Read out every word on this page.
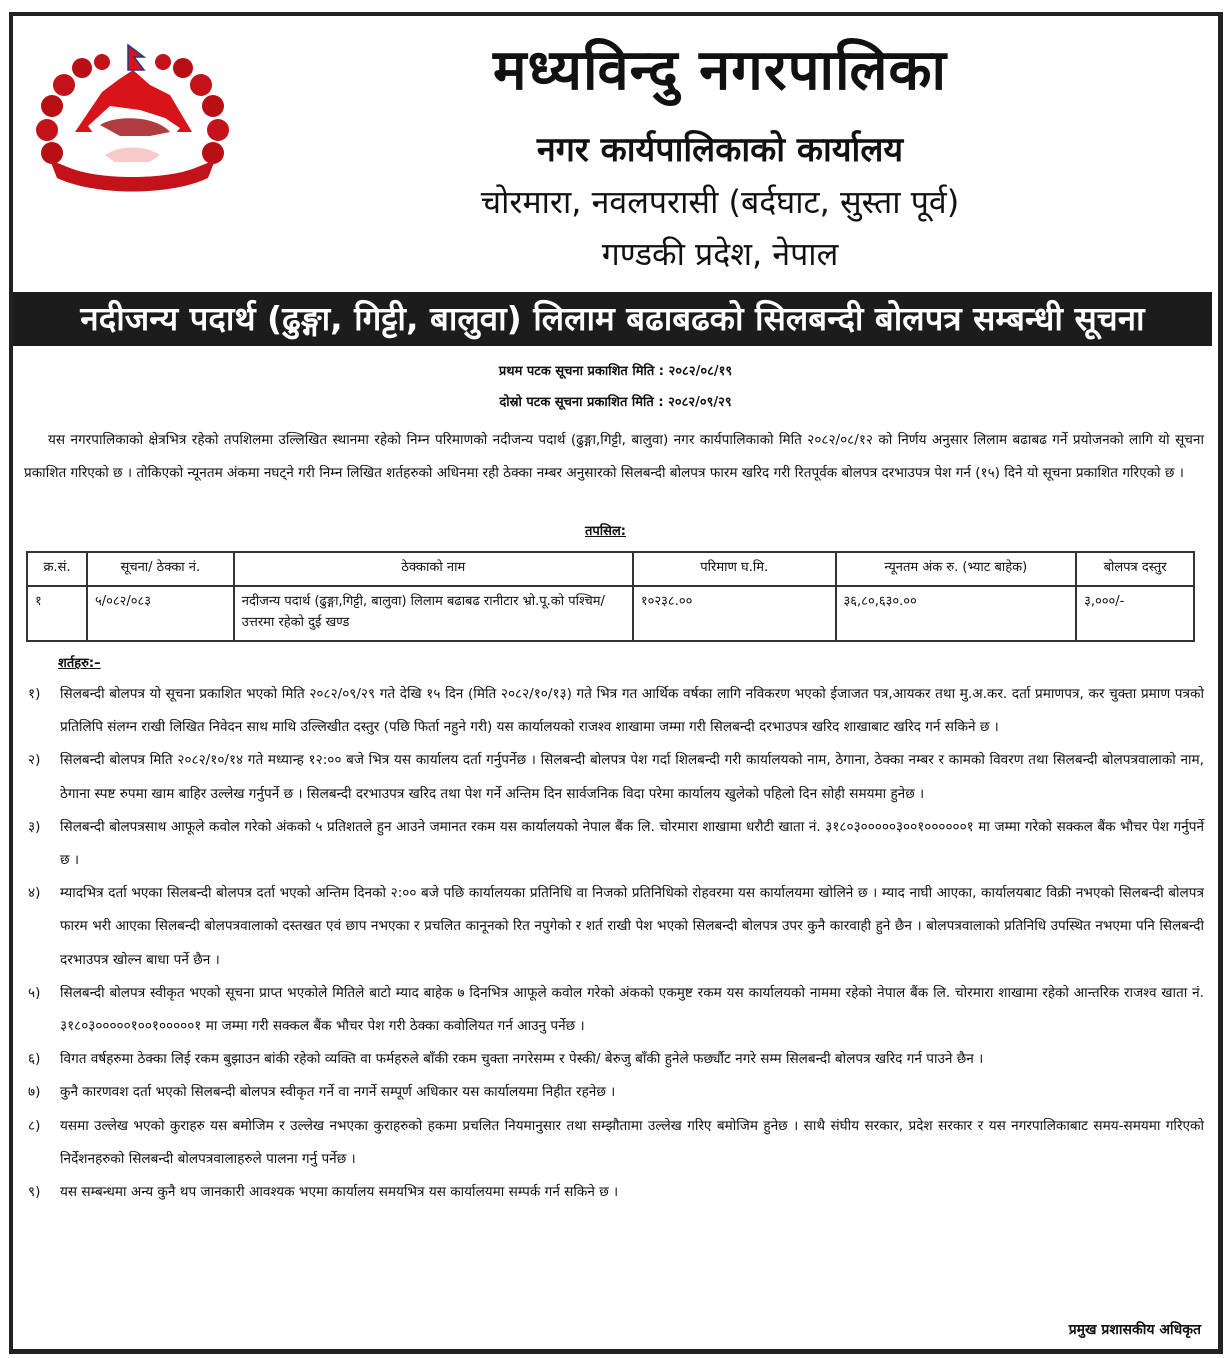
मध्यविन्दु नगरपालिका
नगर कार्यपालिकाको कार्यालय
चोरमारा, नवलपरासी (बर्दघाट, सुस्ता पूर्व)
गण्डकी प्रदेश, नेपाल
नदीजन्य पदार्थ (ढुङ्गा, गिट्टी, बालुवा) लिलाम बढाबढको सिलबन्दी बोलपत्र सम्बन्धी सूचना
प्रथम पटक सूचना प्रकाशित मिति : २०८२/०८/१९
दोस्रो पटक सूचना प्रकाशित मिति : २०८२/०९/२९

यस नगरपालिकाको क्षेत्रभित्र रहेको तपशिलमा उल्लिखित स्थानमा रहेको निम्न परिमाणको नदीजन्य पदार्थ (ढुङ्गा,गिट्टी, बालुवा) नगर कार्यपालिकाको मिति २०८२/०८/१२ को निर्णय अनुसार लिलाम बढाबढ गर्ने प्रयोजनको लागि यो सूचना प्रकाशित गरिएको छ । तोकिएको न्यूनतम अंकमा नघट्ने गरी निम्न लिखित शर्तहरुको अधिनमा रही ठेक्का नम्बर अनुसारको सिलबन्दी बोलपत्र फारम खरिद गरी रितपूर्वक बोलपत्र दरभाउपत्र पेश गर्न (१५) दिने यो सूचना प्रकाशित गरिएको छ ।

तपसिल:
क्र.सं.	सूचना/ ठेक्का नं.	ठेक्काको नाम	परिमाण घ.मि.	न्यूनतम अंक रु. (भ्याट बाहेक)	बोलपत्र दस्तुर
१	५/०८२/०८३	नदीजन्य पदार्थ (ढुङ्गा,गिट्टी, बालुवा) लिलाम बढाबढ रानीटार भ्रो.पू.को पश्चिम/उत्तरमा रहेको दुई खण्ड	१०२३८.००	३६,८०,६३०.००	३,०००/-
शर्तहरु:–
१) सिलबन्दी बोलपत्र यो सूचना प्रकाशित भएको मिति २०८२/०९/२९ गते देखि १५ दिन (मिति २०८२/१०/१३) गते भित्र गत आर्थिक वर्षका लागि नविकरण भएको ईजाजत पत्र,आयकर तथा मु.अ.कर. दर्ता प्रमाणपत्र, कर चुक्ता प्रमाण पत्रको प्रतिलिपि संलग्न राखी लिखित निवेदन साथ माथि उल्लिखीत दस्तुर (पछि फिर्ता नहुने गरी) यस कार्यालयको राजश्व शाखामा जम्मा गरी सिलबन्दी दरभाउपत्र खरिद शाखाबाट खरिद गर्न सकिने छ ।
२) सिलबन्दी बोलपत्र मिति २०८२/१०/१४ गते मध्यान्ह १२:०० बजे भित्र यस कार्यालय दर्ता गर्नुपर्नेछ । सिलबन्दी बोलपत्र पेश गर्दा शिलबन्दी गरी कार्यालयको नाम, ठेगाना, ठेक्का नम्बर र कामको विवरण तथा सिलबन्दी बोलपत्रवालाको नाम, ठेगाना स्पष्ट रुपमा खाम बाहिर उल्लेख गर्नुपर्ने छ । सिलबन्दी दरभाउपत्र खरिद तथा पेश गर्ने अन्तिम दिन सार्वजनिक विदा परेमा कार्यालय खुलेको पहिलो दिन सोही समयमा हुनेछ ।
३) सिलबन्दी बोलपत्रसाथ आफूले कवोल गरेको अंकको ५ प्रतिशतले हुन आउने जमानत रकम यस कार्यालयको नेपाल बैंक लि. चोरमारा शाखामा धरौटी खाता नं. ३१८०३०००००३००१००००००१ मा जम्मा गरेको सक्कल बैंक भौचर पेश गर्नुपर्ने छ ।
४) म्यादभित्र दर्ता भएका सिलबन्दी बोलपत्र दर्ता भएको अन्तिम दिनको २:०० बजे पछि कार्यालयका प्रतिनिधि वा निजको प्रतिनिधिको रोहवरमा यस कार्यालयमा खोलिने छ । म्याद नाघी आएका, कार्यालयबाट विक्री नभएको सिलबन्दी बोलपत्र फारम भरी आएका सिलबन्दी बोलपत्रवालाको दस्तखत एवं छाप नभएका र प्रचलित कानूनको रित नपुगेको र शर्त राखी पेश भएको सिलबन्दी बोलपत्र उपर कुनै कारवाही हुने छैन । बोलपत्रवालाको प्रतिनिधि उपस्थित नभएमा पनि सिलबन्दी दरभाउपत्र खोल्न बाधा पर्ने छैन ।
५) सिलबन्दी बोलपत्र स्वीकृत भएको सूचना प्राप्त भएकोले मितिले बाटो म्याद बाहेक ७ दिनभित्र आफूले कवोल गरेको अंकको एकमुष्ट रकम यस कार्यालयको नाममा रहेको नेपाल बैंक लि. चोरमारा शाखामा रहेको आन्तरिक राजश्व खाता नं. ३१८०३०००००१००१०००००१ मा जम्मा गरी सक्कल बैंक भौचर पेश गरी ठेक्का कवोलियत गर्न आउनु पर्नेछ ।
६) विगत वर्षहरुमा ठेक्का लिई रकम बुझाउन बांकी रहेको व्यक्ति वा फर्महरुले बाँकी रकम चुक्ता नगरेसम्म र पेस्की/ बेरुजु बाँकी हुनेले फर्छ्यौट नगरे सम्म सिलबन्दी बोलपत्र खरिद गर्न पाउने छैन ।
७) कुनै कारणवश दर्ता भएको सिलबन्दी बोलपत्र स्वीकृत गर्ने वा नगर्ने सम्पूर्ण अधिकार यस कार्यालयमा निहीत रहनेछ ।
८) यसमा उल्लेख भएको कुराहरु यस बमोजिम र उल्लेख नभएका कुराहरुको हकमा प्रचलित नियमानुसार तथा सम्झौतामा उल्लेख गरिए बमोजिम हुनेछ । साथै संघीय सरकार, प्रदेश सरकार र यस नगरपालिकाबाट समय-समयमा गरिएको निर्देशनहरुको सिलबन्दी बोलपत्रवालाहरुले पालना गर्नु पर्नेछ ।
९) यस सम्बन्धमा अन्य कुनै थप जानकारी आवश्यक भएमा कार्यालय समयभित्र यस कार्यालयमा सम्पर्क गर्न सकिने छ ।
प्रमुख प्रशासकीय अधिकृत
